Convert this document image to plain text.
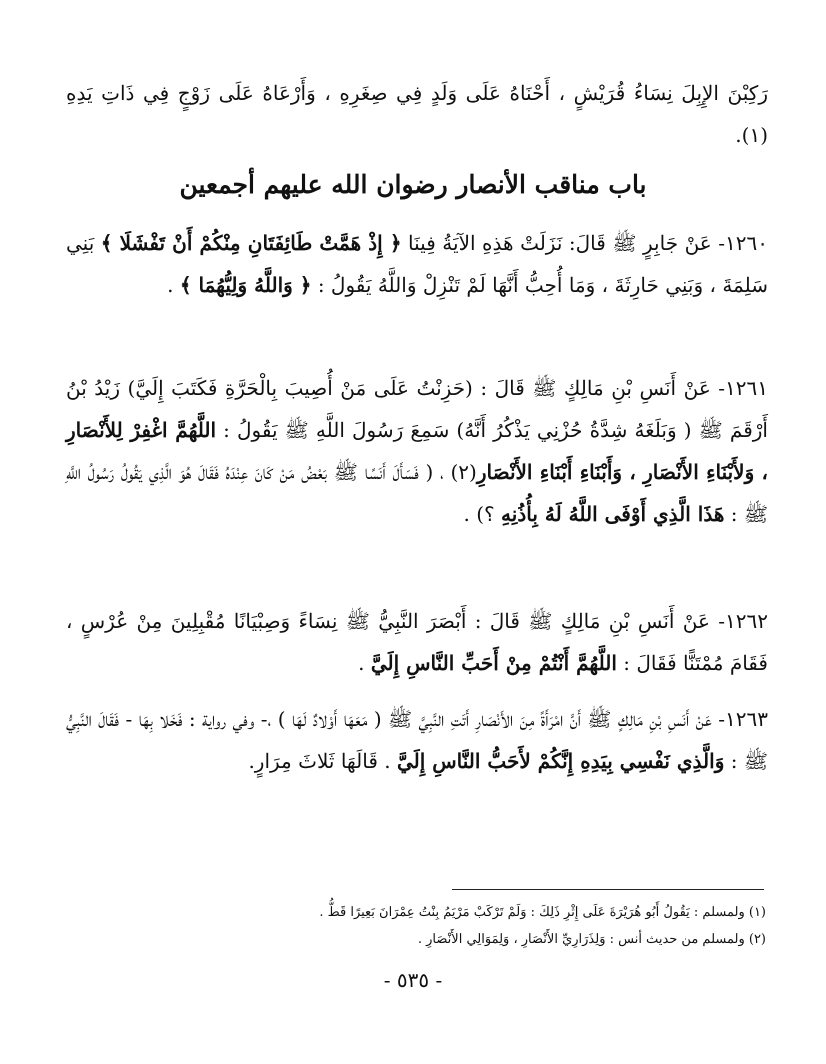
رَكِبْنَ الإِبِلَ نِسَاءُ قُرَيْشٍ ، أَحْنَاهُ عَلَى وَلَدٍ فِي صِغَرِهِ ، وَأَرْعَاهُ عَلَى زَوْجٍ فِي ذَاتِ يَدِهِ (١).

باب مناقب الأنصار رضوان الله عليهم أجمعين

١٢٦٠- عَنْ جَابِرٍ ﷺ قَالَ: نَزَلَتْ هَذِهِ الآيَةُ فِينَا ﴿ إِذْ هَمَّتْ طَائِفَتَانِ مِنْكُمْ أَنْ تَفْشَلَا ﴾ بَنِي سَلِمَةَ ، وَبَنِي حَارِثَةَ ، وَمَا أُحِبُّ أَنَّهَا لَمْ تَنْزِلْ وَاللَّهُ يَقُولُ : ﴿ وَاللَّهُ وَلِيُّهُمَا ﴾ .

١٢٦١- عَنْ أَنَسِ بْنِ مَالِكٍ ﷺ قَالَ : (حَزِنْتُ عَلَى مَنْ أُصِيبَ بِالْحَرَّةِ فَكَتَبَ إِلَيَّ) زَيْدُ بْنُ أَرْقَمَ ﷺ ( وَبَلَغَهُ شِدَّةُ حُزْنِي يَذْكُرُ أَنَّهُ) سَمِعَ رَسُولَ اللَّهِ ﷺ يَقُولُ : اللَّهُمَّ اغْفِرْ لِلأَنْصَارِ ، وَلأَبْنَاءِ الأَنْصَارِ ، وَأَبْنَاءِ أَبْنَاءِ الأَنْصَارِ(٢) ، ( فَسَأَلَ أَنَسًا ﷺ بَعْضُ مَنْ كَانَ عِنْدَهُ فَقَالَ هُوَ الَّذِي يَقُولُ رَسُولُ اللَّهِ ﷺ : هَذَا الَّذِي أَوْفَى اللَّهُ لَهُ بِأُذُنِهِ ؟) .

١٢٦٢- عَنْ أَنَسِ بْنِ مَالِكٍ ﷺ قَالَ : أَبْصَرَ النَّبِيُّ ﷺ نِسَاءً وَصِبْيَانًا مُقْبِلِينَ مِنْ عُرْسٍ ، فَقَامَ مُمْتَنًّا فَقَالَ : اللَّهُمَّ أَنْتُمْ مِنْ أَحَبِّ النَّاسِ إِلَيَّ .

١٢٦٣- عَنْ أَنَسِ بْنِ مَالِكٍ ﷺ أَنَّ امْرَأَةً مِنَ الأَنْصَارِ أَتَتِ النَّبِيَّ ﷺ ( مَعَهَا أَوْلادٌ لَهَا ) ،- وفي رواية : فَخَلا بِهَا - فَقَالَ النَّبِيُّ ﷺ : وَالَّذِي نَفْسِي بِيَدِهِ إِنَّكُمْ لأَحَبُّ النَّاسِ إِلَيَّ . قَالَهَا ثَلاثَ مِرَارٍ.

(١) ولمسلم : يَقُولُ أَبُو هُرَيْرَةَ عَلَى إِثْرِ ذَلِكَ : وَلَمْ تَرْكَبْ مَرْيَمُ بِنْتُ عِمْرَانَ بَعِيرًا قَطُّ .

(٢) ولمسلم من حديث أنس : وَلِذَرَارِيِّ الأَنْصَارِ ، وَلِمَوَالِي الأَنْصَارِ .

- ٥٣٥ -
